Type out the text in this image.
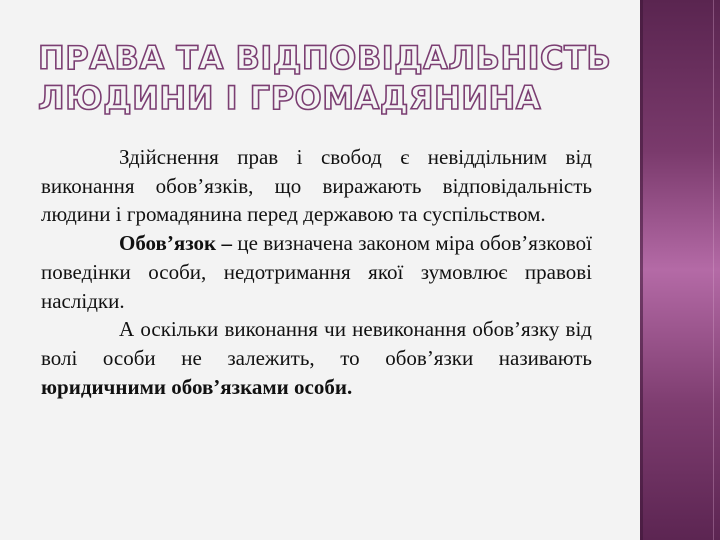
ПРАВА ТА ВІДПОВІДАЛЬНІСТЬ
ЛЮДИНИ І ГРОМАДЯНИНА

Здійснення прав і свобод є невіддільним від виконання обов’язків, що виражають відповідальність людини і громадянина перед державою та суспільством.

Обов’язок – це визначена законом міра обов’язкової поведінки особи, недотримання якої зумовлює правові наслідки.

А оскільки виконання чи невиконання обов’язку від волі особи не залежить, то обов’язки називають юридичними обов’язками особи.
